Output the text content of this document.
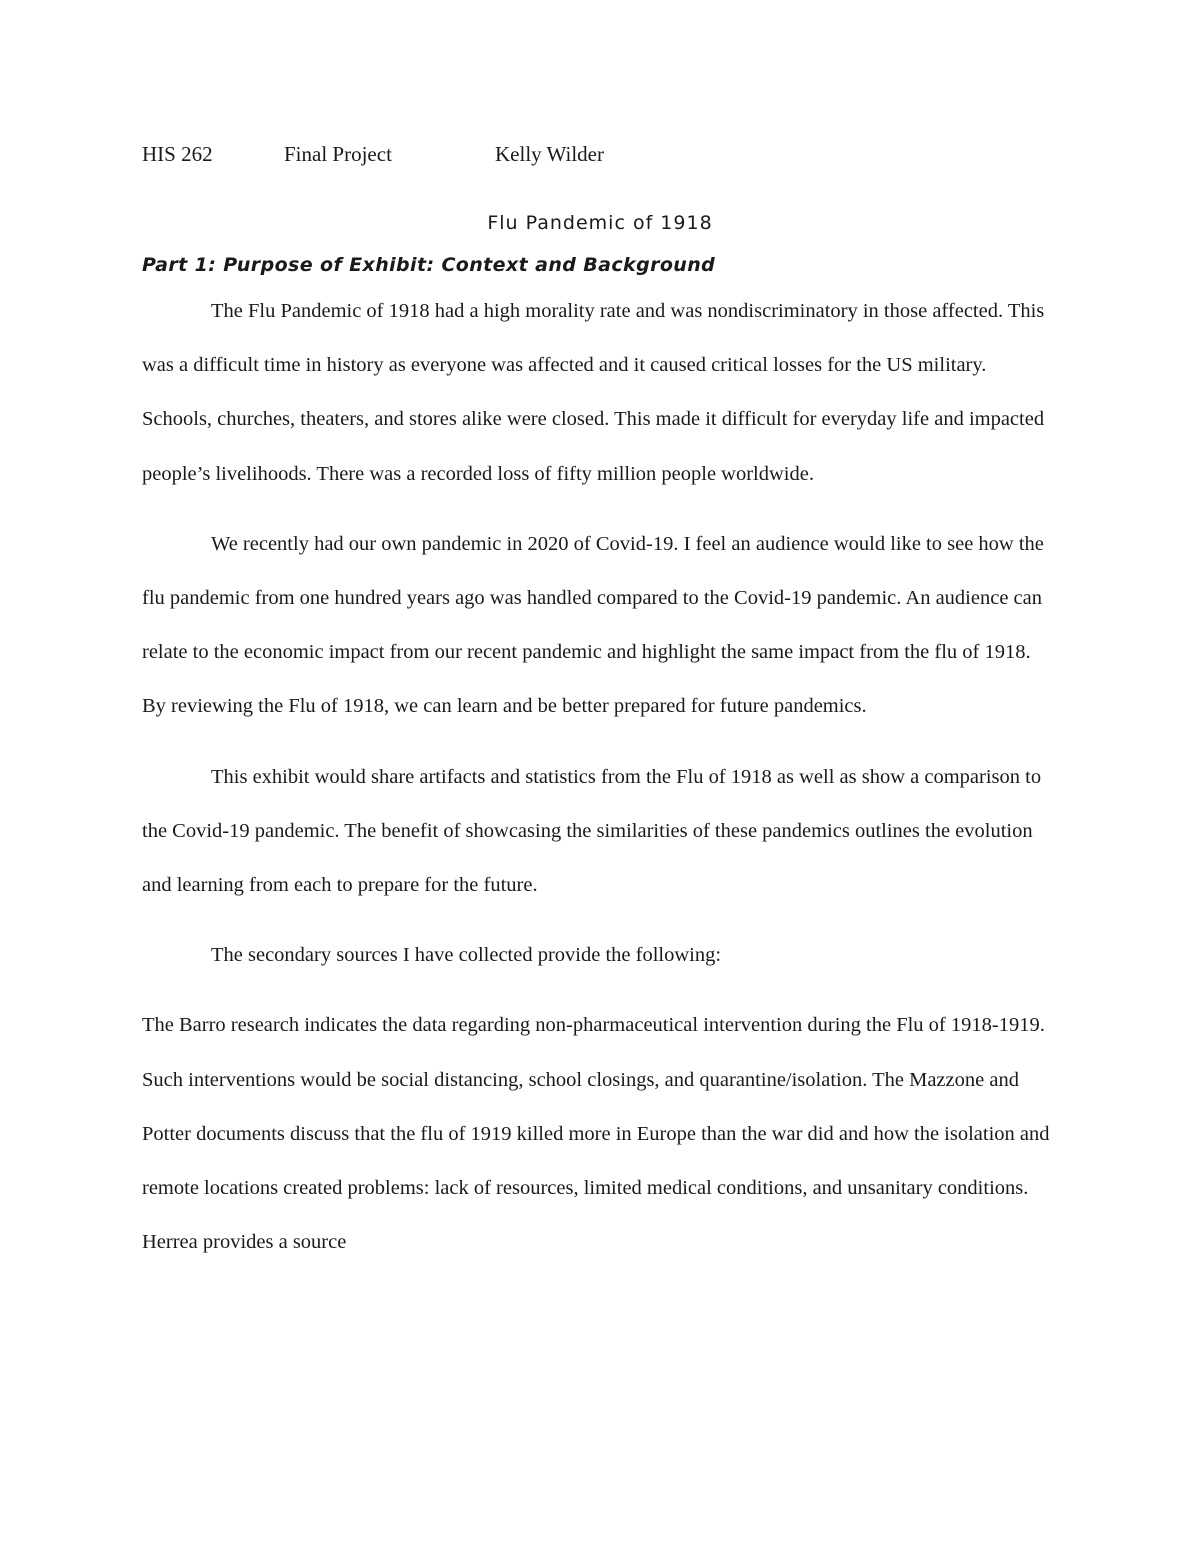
HIS 262	Final Project	Kelly Wilder
Flu Pandemic of 1918
Part 1: Purpose of Exhibit: Context and Background

The Flu Pandemic of 1918 had a high morality rate and was nondiscriminatory in those affected. This was a difficult time in history as everyone was affected and it caused critical losses for the US military. Schools, churches, theaters, and stores alike were closed. This made it difficult for everyday life and impacted people’s livelihoods. There was a recorded loss of fifty million people worldwide.

We recently had our own pandemic in 2020 of Covid-19. I feel an audience would like to see how the flu pandemic from one hundred years ago was handled compared to the Covid-19 pandemic. An audience can relate to the economic impact from our recent pandemic and highlight the same impact from the flu of 1918. By reviewing the Flu of 1918, we can learn and be better prepared for future pandemics.

This exhibit would share artifacts and statistics from the Flu of 1918 as well as show a comparison to the Covid-19 pandemic. The benefit of showcasing the similarities of these pandemics outlines the evolution and learning from each to prepare for the future.

The secondary sources I have collected provide the following:

The Barro research indicates the data regarding non-pharmaceutical intervention during the Flu of 1918-1919. Such interventions would be social distancing, school closings, and quarantine/isolation. The Mazzone and Potter documents discuss that the flu of 1919 killed more in Europe than the war did and how the isolation and remote locations created problems: lack of resources, limited medical conditions, and unsanitary conditions. Herrea provides a source
